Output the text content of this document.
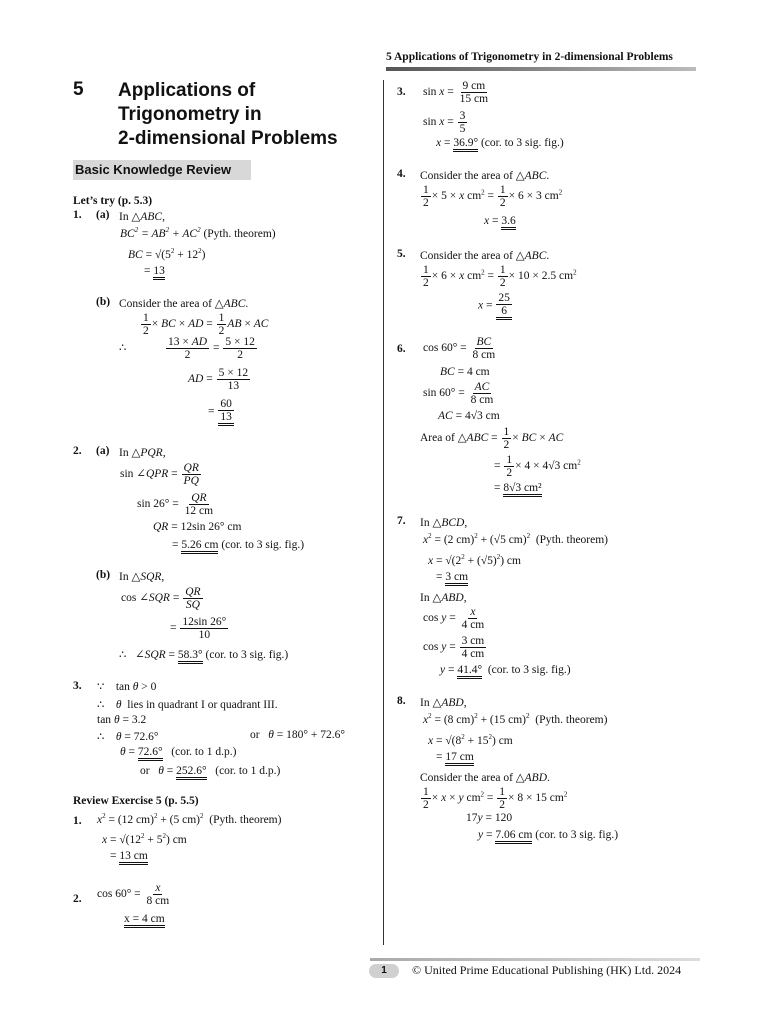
5 Applications of Trigonometry in 2-dimensional Problems
5 Applications of
Trigonometry in
2-dimensional Problems
Basic Knowledge Review
Let’s try (p. 5.3)
1. (a) In △ABC,
$BC^2 = AB^2 + AC^2$ (Pyth. theorem)
BC = $√(5^2 + 12^2)$
= 13
(b) Consider the area of △ABC.
$\frac{1}{2}$ × BC × AD = $\frac{1}{2}$ AB × AC
∴	$\frac{13 \times AD}{2} = \frac{5 \times 12}{2}$
AD = $\frac{5 \times 12}{13}$
= $\frac{60}{13}$
2. (a) In △PQR,
sin ∠QPR = $\frac{QR}{PQ}$
$\sin 26^\circ = \frac{QR}{12 cm}$
QR = 12sin 26° cm
= 5.26 cm (cor. to 3 sig. fig.)
(b) In △SQR,
cos ∠SQR = $\frac{QR}{SQ}$
= $\frac{12\sin 26^\circ}{10}$
∴   ∠SQR = 58.3° (cor. to 3 sig. fig.)
3. ∵    tan θ > 0
∴    θ lies in quadrant I or quadrant III.
tan θ = 3.2
∴    θ = 72.6°	or θ = 180° + 72.6°
θ = 72.6° (cor. to 1 d.p.)
or θ = 252.6° (cor. to 1 d.p.)
Review Exercise 5 (p. 5.5)
1. $x^2 = (12$ cm)$^2$ + (5 cm)$^2$ (Pyth. theorem)
$x = √(12^2 + 5^2)$ cm
= 13 cm
2. $\cos 60^\circ = \frac{x}{8 cm}$
x = 4 cm
3. $\sin x = \frac{9 cm}{15 cm}$
$\sin x = \frac{3}{5}$
x = 36.9° (cor. to 3 sig. fig.)
4. Consider the area of △ABC.
$\frac{1}{2} \times 5 \times x$ $cm^2 = \frac{1}{2} \times 6 \times 3$ $cm^2$
x = 3.6
5. Consider the area of △ABC.
$\frac{1}{2} \times 6 \times x$ $cm^2 = \frac{1}{2} \times 10 \times 2.5$ $cm^2$
$x = \frac{25}{6}$
6. $\cos 60^\circ = \frac{BC}{8 cm}$
BC = 4 cm
$\sin 60^\circ = \frac{AC}{8 cm}$
AC = 4√3 cm
Area of △ABC = $\frac{1}{2}$ × BC × AC
= $\frac{1}{2} \times 4 \times 4√3$ $cm^2$
= 8√3 cm²
7. In △BCD,
$x^2 = (2$ cm)$^2$ + (√5 cm)$^2$ (Pyth. theorem)
$x = √(2^2 + (√5)^2)$ cm
= 3 cm
In △ABD,
$\cos y = \frac{x}{4 cm}$
$\cos y = \frac{3 cm}{4 cm}$
y = 41.4° (cor. to 3 sig. fig.)
8. In △ABD,
$x^2 = (8$ cm)$^2$ + (15 cm)$^2$ (Pyth. theorem)
$x = √(8^2 + 15^2)$ cm
= 17 cm
Consider the area of △ABD.
$\frac{1}{2} \times x \times y$ $cm^2 = \frac{1}{2} \times 8 \times 15$ $cm^2$
17y = 120
y = 7.06 cm (cor. to 3 sig. fig.)
1	© United Prime Educational Publishing (HK) Ltd. 2024
